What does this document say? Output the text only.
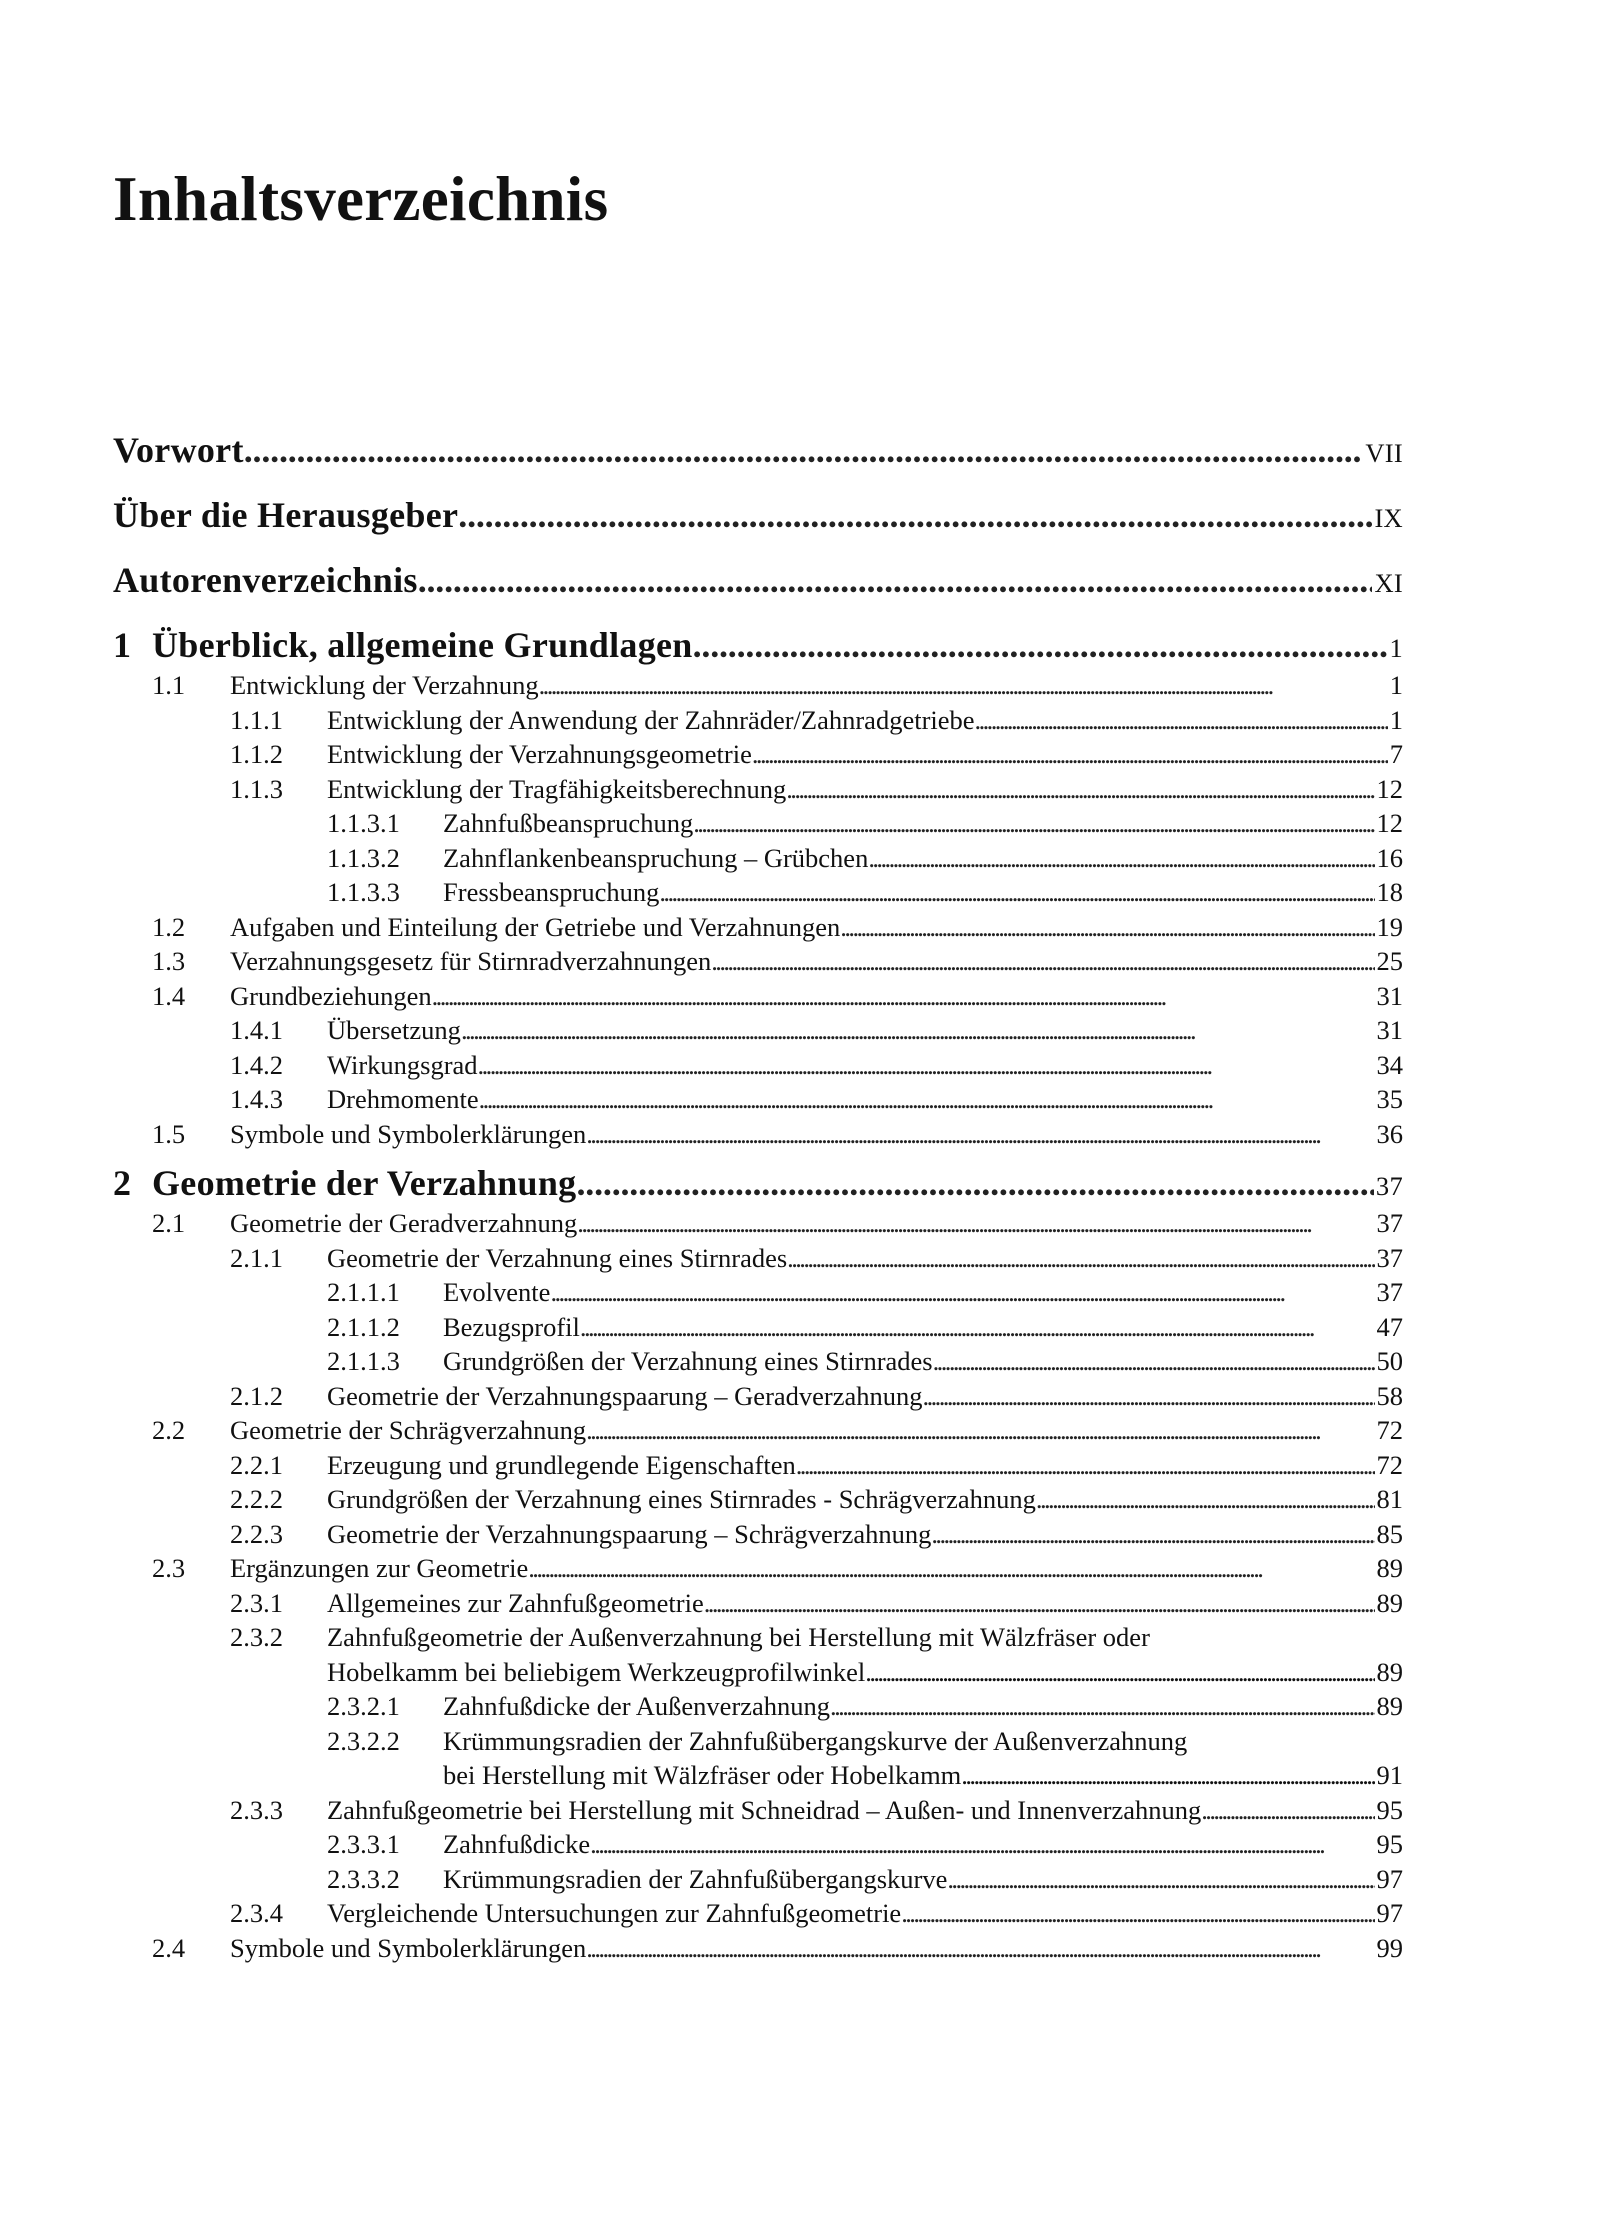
Inhaltsverzeichnis
Vorwort . . .	VII
Über die Herausgeber . . .	IX
Autorenverzeichnis . . .	XI
1 Überblick, allgemeine Grundlagen . . .	1
1.1	Entwicklung der Verzahnung . . .	1
1.1.1	Entwicklung der Anwendung der Zahnräder/Zahnradgetriebe . . .	1
1.1.2	Entwicklung der Verzahnungsgeometrie . . .	7
1.1.3	Entwicklung der Tragfähigkeitsberechnung . . .	12
1.1.3.1	Zahnfußbeanspruchung . . .	12
1.1.3.2	Zahnflankenbeanspruchung – Grübchen . . .	16
1.1.3.3	Fressbeanspruchung . . .	18
1.2	Aufgaben und Einteilung der Getriebe und Verzahnungen . . .	19
1.3	Verzahnungsgesetz für Stirnradverzahnungen . . .	25
1.4	Grundbeziehungen . . .	31
1.4.1	Übersetzung . . .	31
1.4.2	Wirkungsgrad . . .	34
1.4.3	Drehmomente . . .	35
1.5	Symbole und Symbolerklärungen . . .	36
2 Geometrie der Verzahnung . . .	37
2.1	Geometrie der Geradverzahnung . . .	37
2.1.1	Geometrie der Verzahnung eines Stirnrades . . .	37
2.1.1.1	Evolvente . . .	37
2.1.1.2	Bezugsprofil . . .	47
2.1.1.3	Grundgrößen der Verzahnung eines Stirnrades . . .	50
2.1.2	Geometrie der Verzahnungspaarung – Geradverzahnung . . .	58
2.2	Geometrie der Schrägverzahnung . . .	72
2.2.1	Erzeugung und grundlegende Eigenschaften . . .	72
2.2.2	Grundgrößen der Verzahnung eines Stirnrades - Schrägverzahnung . . .	81
2.2.3	Geometrie der Verzahnungspaarung – Schrägverzahnung . . .	85
2.3	Ergänzungen zur Geometrie . . .	89
2.3.1	Allgemeines zur Zahnfußgeometrie . . .	89
2.3.2	Zahnfußgeometrie der Außenverzahnung bei Herstellung mit Wälzfräser oder
Hobelkamm bei beliebigem Werkzeugprofilwinkel . . .	89
2.3.2.1	Zahnfußdicke der Außenverzahnung . . .	89
2.3.2.2	Krümmungsradien der Zahnfußübergangskurve der Außenverzahnung
bei Herstellung mit Wälzfräser oder Hobelkamm . . .	91
2.3.3	Zahnfußgeometrie bei Herstellung mit Schneidrad – Außen- und Innenverzahnung . . .	95
2.3.3.1	Zahnfußdicke . . .	95
2.3.3.2	Krümmungsradien der Zahnfußübergangskurve . . .	97
2.3.4	Vergleichende Untersuchungen zur Zahnfußgeometrie . . .	97
2.4	Symbole und Symbolerklärungen . . .	99
